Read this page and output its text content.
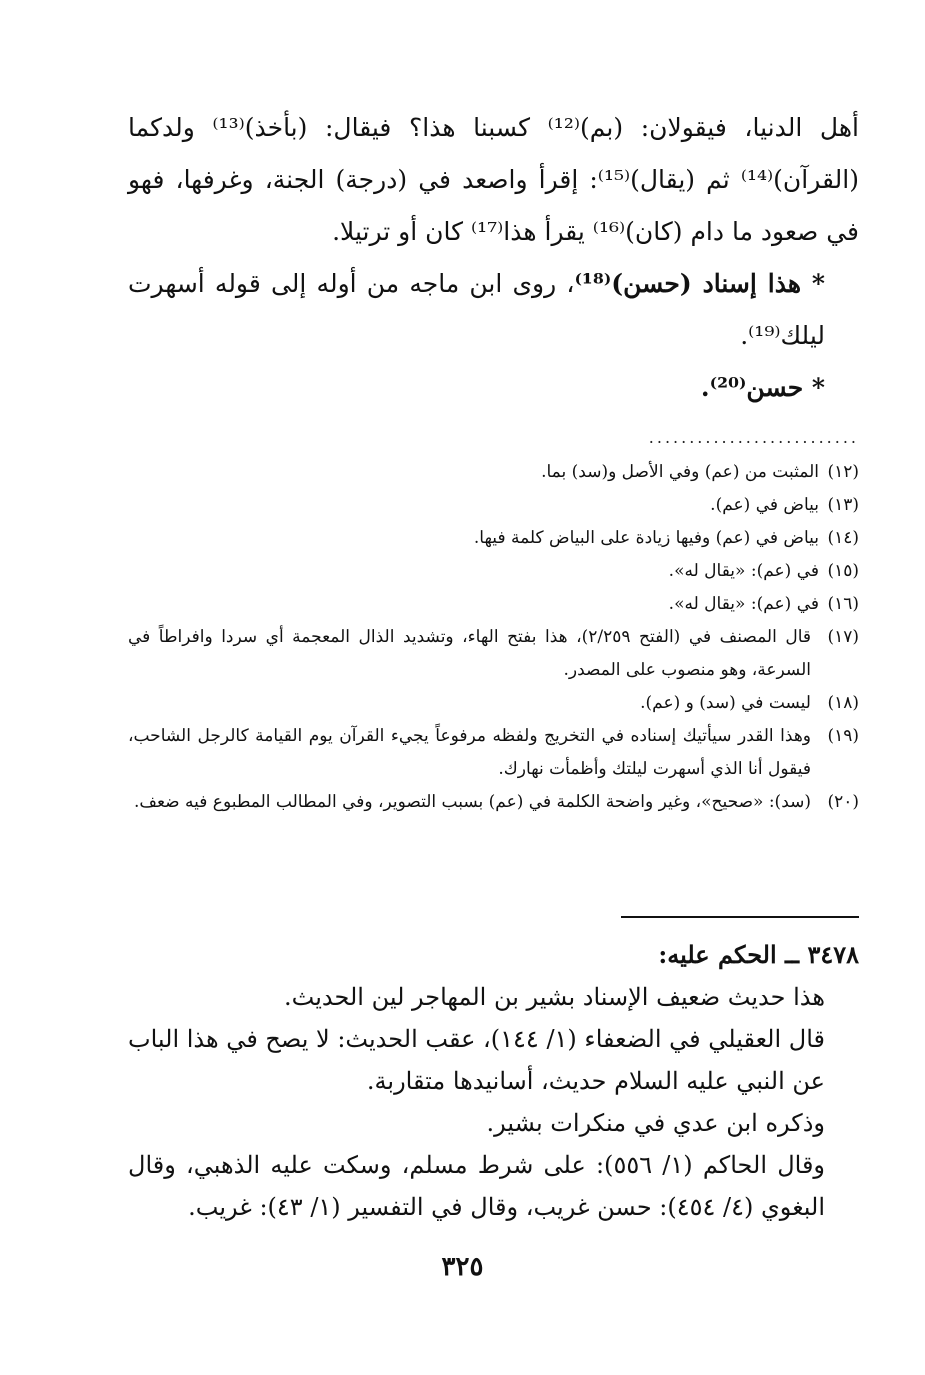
أهل الدنيا، فيقولان: (بم)⁽¹²⁾ كسبنا هذا؟ فيقال: (بأخذ)⁽¹³⁾ ولدكما (القرآن)⁽¹⁴⁾ ثم (يقال)⁽¹⁵⁾: إقرأ واصعد في (درجة) الجنة، وغرفها، فهو في صعود ما دام (كان)⁽¹⁶⁾ يقرأ هذا⁽¹⁷⁾ كان أو ترتيلا.

* هذا إسناد (حسن)⁽¹⁸⁾، روى ابن ماجه من أوله إلى قوله أسهرت ليلك⁽¹⁹⁾.

* حسن⁽²⁰⁾.

..........................
(١٢)
المثبت من (عم) وفي الأصل و(سد) بما.
(١٣)
بياض في (عم).
(١٤)
بياض في (عم) وفيها زيادة على البياض كلمة فيها.
(١٥)
في (عم): «يقال له».
(١٦)
في (عم): «يقال له».
(١٧)
قال المصنف في (الفتح ٢/٢٥٩)، هذا بفتح الهاء، وتشديد الذال المعجمة أي سردا وافراطاً في السرعة، وهو منصوب على المصدر.
(١٨)
ليست في (سد) و (عم).
(١٩)
وهذا القدر سيأتيك إسناده في التخريج ولفظه مرفوعاً يجيء القرآن يوم القيامة كالرجل الشاحب، فيقول أنا الذي أسهرت ليلتك وأظمأت نهارك.
(٢٠)
(سد): «صحيح»، وغير واضحة الكلمة في (عم) بسبب التصوير، وفي المطالب المطبوع فيه ضعف.

٣٤٧٨ ــ الحكم عليه:

هذا حديث ضعيف الإسناد بشير بن المهاجر لين الحديث.

قال العقيلي في الضعفاء (١/ ١٤٤)، عقب الحديث: لا يصح في هذا الباب عن النبي عليه السلام حديث، أسانيدها متقاربة.

وذكره ابن عدي في منكرات بشير.

وقال الحاكم (١/ ٥٥٦): على شرط مسلم، وسكت عليه الذهبي، وقال البغوي (٤/ ٤٥٤): حسن غريب، وقال في التفسير (١/ ٤٣): غريب.

٣٢٥
